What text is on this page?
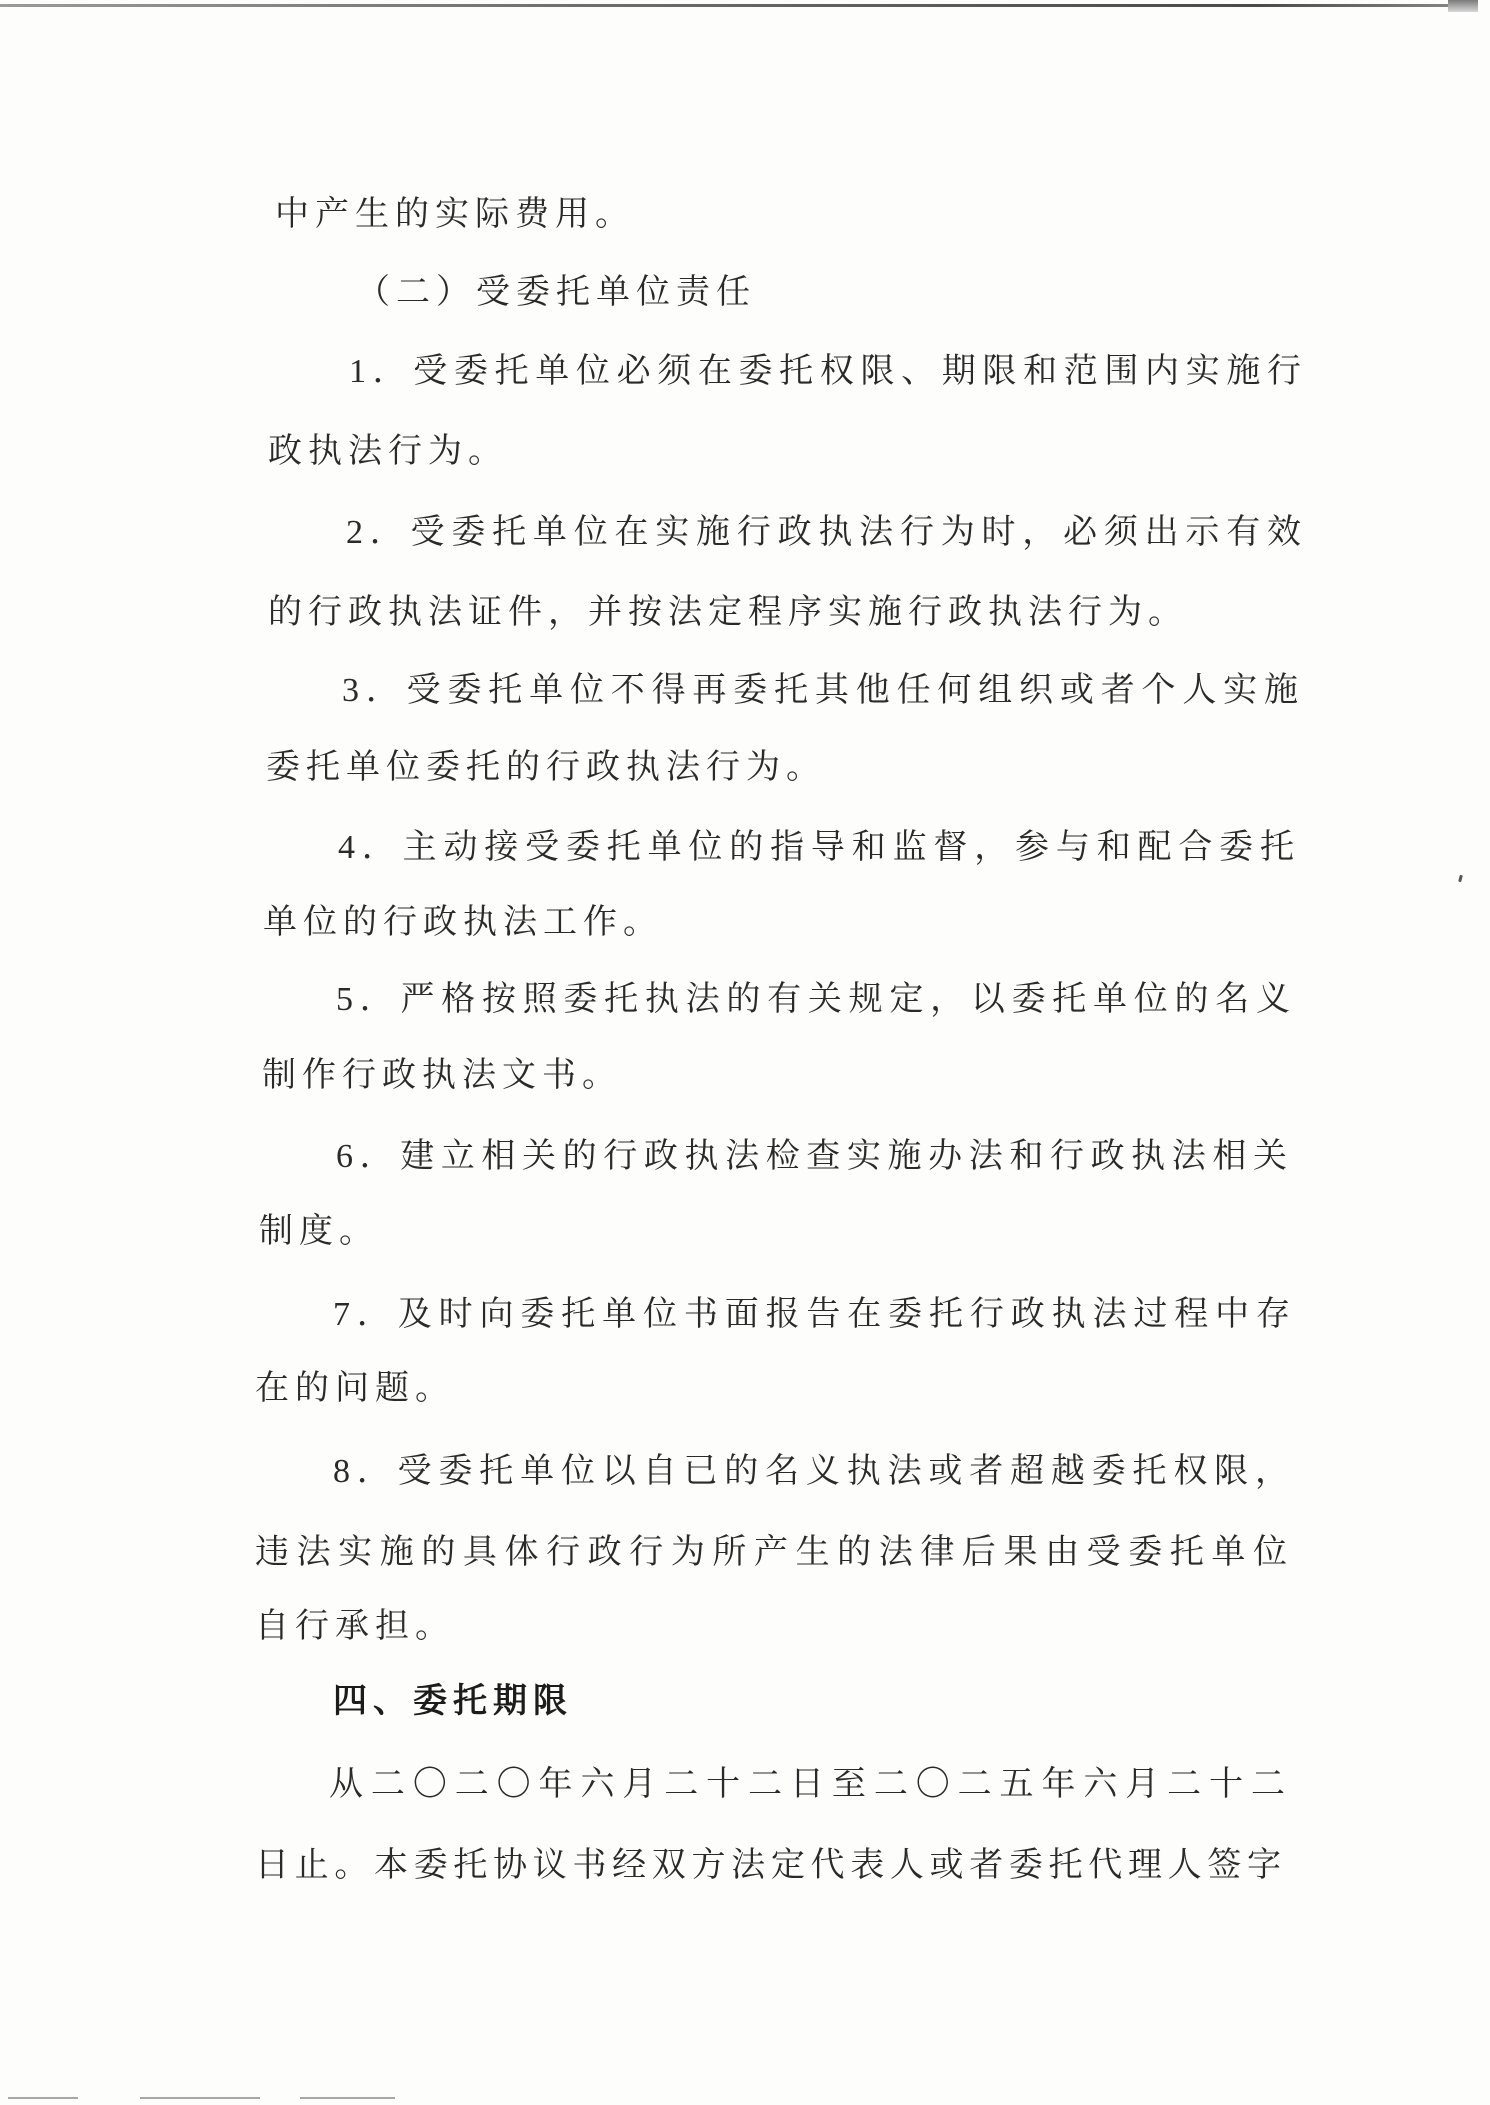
中产生的实际费用。
（二）受委托单位责任
1．受委托单位必须在委托权限、期限和范围内实施行
政执法行为。
2．受委托单位在实施行政执法行为时，必须出示有效
的行政执法证件，并按法定程序实施行政执法行为。
3．受委托单位不得再委托其他任何组织或者个人实施
委托单位委托的行政执法行为。
4．主动接受委托单位的指导和监督，参与和配合委托
单位的行政执法工作。
5．严格按照委托执法的有关规定，以委托单位的名义
制作行政执法文书。
6．建立相关的行政执法检查实施办法和行政执法相关
制度。
7．及时向委托单位书面报告在委托行政执法过程中存
在的问题。
8．受委托单位以自已的名义执法或者超越委托权限，
违法实施的具体行政行为所产生的法律后果由受委托单位
自行承担。
四、委托期限
从二〇二〇年六月二十二日至二〇二五年六月二十二
日止。本委托协议书经双方法定代表人或者委托代理人签字
